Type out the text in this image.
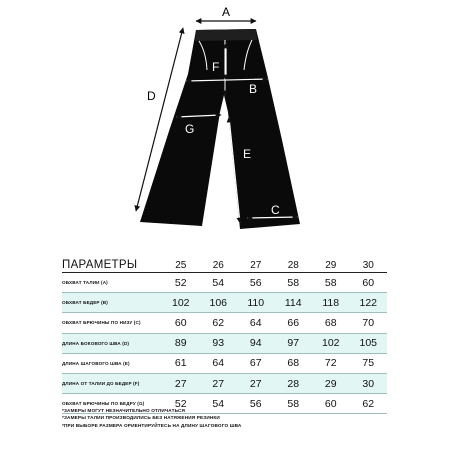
A
F
B
D
G
E
C
ПАРАМЕТРЫ	25	26	27	28	29	30
ОБХВАТ ТАЛИИ (A)	52	54	56	58	58	60
ОБХВАТ БЕДЕР (B)	102	106	110	114	118	122
ОБХВАТ БРЮЧИНЫ ПО НИЗУ (C)	60	62	64	66	68	70
ДЛИНА БОКОВОГО ШВА (D)	89	93	94	97	102	105
ДЛИНА ШАГОВОГО ШВА (E)	61	64	67	68	72	75
ДЛИНА ОТ ТАЛИИ ДО БЕДЕР (F)	27	27	27	28	29	30
ОБХВАТ БРЮЧИНЫ ПО БЕДРУ (G)	52	54	56	58	60	62
*ЗАМЕРЫ МОГУТ НЕЗНАЧИТЕЛЬНО ОТЛИЧАТЬСЯ
*ЗАМЕРЫ ТАЛИИ ПРОИЗВОДИЛИСЬ БЕЗ НАТЯЖЕНИЯ РЕЗИНКИ
*ПРИ ВЫБОРЕ РАЗМЕРА ОРИЕНТИРУЙТЕСЬ НА ДЛИНУ ШАГОВОГО ШВА
